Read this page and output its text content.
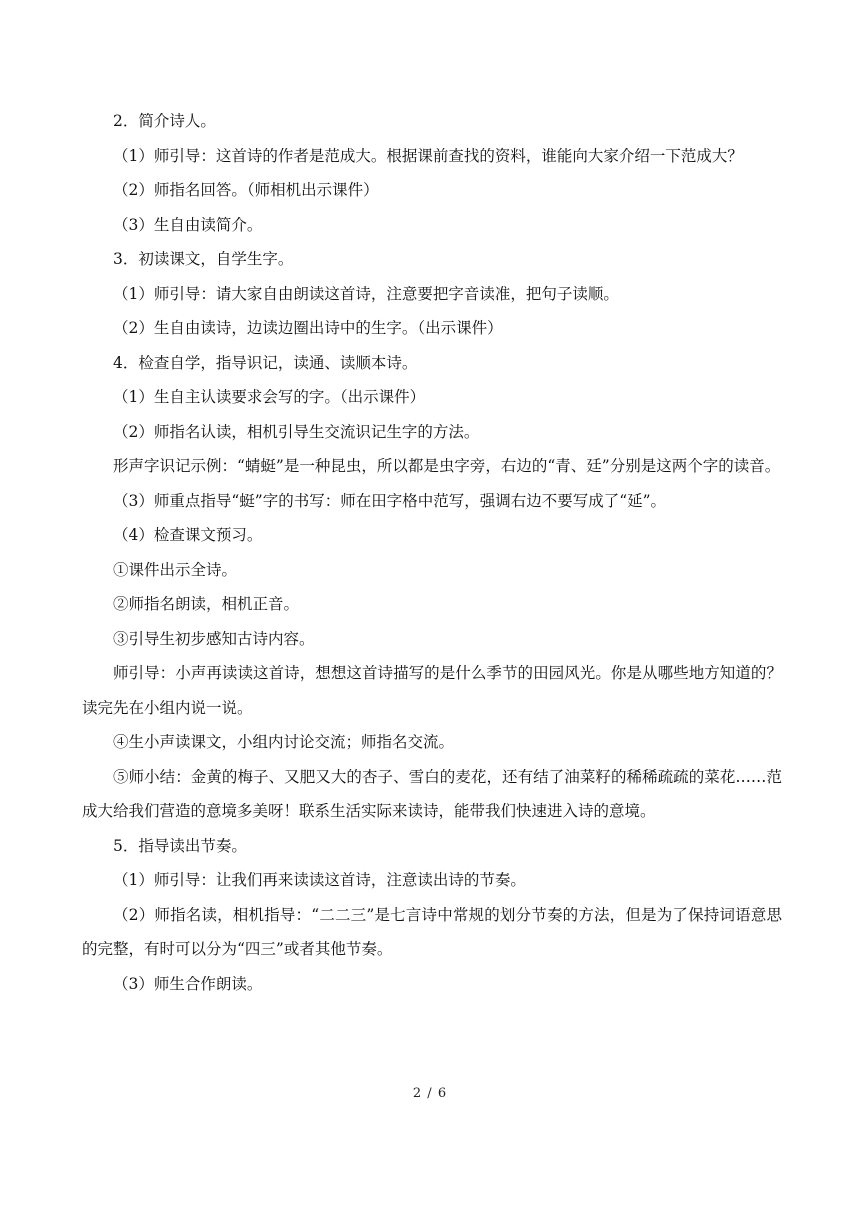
2．简介诗人。

（1）师引导：这首诗的作者是范成大。根据课前查找的资料，谁能向大家介绍一下范成大？

（2）师指名回答。（师相机出示课件）

（3）生自由读简介。

3．初读课文，自学生字。

（1）师引导：请大家自由朗读这首诗，注意要把字音读准，把句子读顺。

（2）生自由读诗，边读边圈出诗中的生字。（出示课件）

4．检查自学，指导识记，读通、读顺本诗。

（1）生自主认读要求会写的字。（出示课件）

（2）师指名认读，相机引导生交流识记生字的方法。

形声字识记示例：“蜻蜓”是一种昆虫，所以都是虫字旁，右边的“青、廷”分别是这两个字的读音。

（3）师重点指导“蜓”字的书写：师在田字格中范写，强调右边不要写成了“延”。

（4）检查课文预习。

①课件出示全诗。

②师指名朗读，相机正音。

③引导生初步感知古诗内容。

师引导：小声再读读这首诗，想想这首诗描写的是什么季节的田园风光。你是从哪些地方知道的？读完先在小组内说一说。

④生小声读课文，小组内讨论交流；师指名交流。

⑤师小结：金黄的梅子、又肥又大的杏子、雪白的麦花，还有结了油菜籽的稀稀疏疏的菜花……范成大给我们营造的意境多美呀！联系生活实际来读诗，能带我们快速进入诗的意境。

5．指导读出节奏。

（1）师引导：让我们再来读读这首诗，注意读出诗的节奏。

（2）师指名读，相机指导：“二二三”是七言诗中常规的划分节奏的方法，但是为了保持词语意思的完整，有时可以分为“四三”或者其他节奏。

（3）师生合作朗读。

2 / 6
